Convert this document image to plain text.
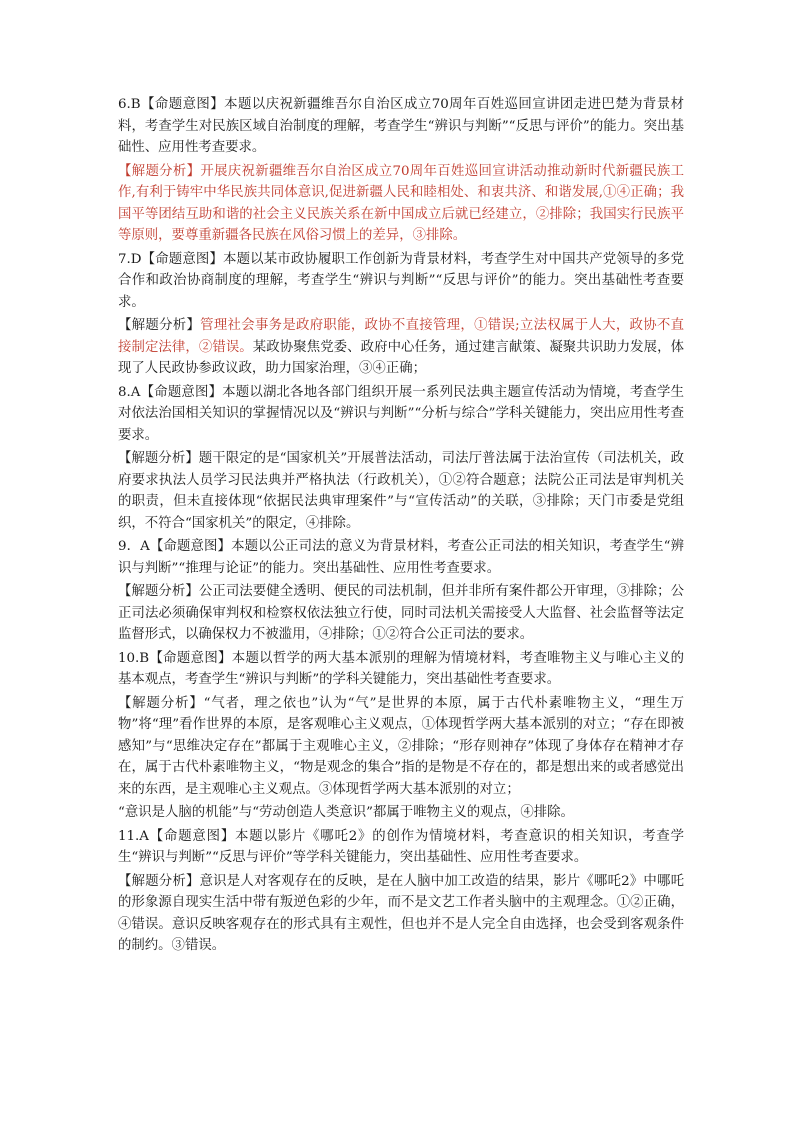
6.B【命题意图】本题以庆祝新疆维吾尔自治区成立70周年百姓巡回宣讲团走进巴楚为背景材料，考查学生对民族区域自治制度的理解，考查学生“辨识与判断”“反思与评价”的能力。突出基础性、应用性考查要求。

【解题分析】开展庆祝新疆维吾尔自治区成立70周年百姓巡回宣讲活动推动新时代新疆民族工作,有利于铸牢中华民族共同体意识,促进新疆人民和睦相处、和衷共济、和谐发展,①④正确；我国平等团结互助和谐的社会主义民族关系在新中国成立后就已经建立，②排除；我国实行民族平等原则，要尊重新疆各民族在风俗习惯上的差异，③排除。

7.D【命题意图】本题以某市政协履职工作创新为背景材料，考查学生对中国共产党领导的多党合作和政治协商制度的理解，考查学生“辨识与判断”“反思与评价”的能力。突出基础性考查要求。

【解题分析】管理社会事务是政府职能，政协不直接管理，①错误;立法权属于人大，政协不直接制定法律，②错误。某政协聚焦党委、政府中心任务，通过建言献策、凝聚共识助力发展，体现了人民政协参政议政，助力国家治理，③④正确；

8.A【命题意图】本题以湖北各地各部门组织开展一系列民法典主题宣传活动为情境，考查学生对依法治国相关知识的掌握情况以及“辨识与判断”“分析与综合”学科关键能力，突出应用性考查要求。

【解题分析】题干限定的是“国家机关”开展普法活动，司法厅普法属于法治宣传（司法机关，政府要求执法人员学习民法典并严格执法（行政机关），①②符合题意；法院公正司法是审判机关的职责，但未直接体现“依据民法典审理案件”与“宣传活动”的关联，③排除；天门市委是党组织，不符合“国家机关”的限定，④排除。

9．A【命题意图】本题以公正司法的意义为背景材料，考查公正司法的相关知识，考查学生“辨识与判断”“推理与论证”的能力。突出基础性、应用性考查要求。

【解题分析】公正司法要健全透明、便民的司法机制，但并非所有案件都公开审理，③排除；公正司法必须确保审判权和检察权依法独立行使，同时司法机关需接受人大监督、社会监督等法定监督形式，以确保权力不被滥用，④排除；①②符合公正司法的要求。

10.B【命题意图】本题以哲学的两大基本派别的理解为情境材料，考查唯物主义与唯心主义的基本观点，考查学生“辨识与判断”的学科关键能力，突出基础性考查要求。

【解题分析】“气者，理之依也”认为“气”是世界的本原，属于古代朴素唯物主义，“理生万物”将“理”看作世界的本原，是客观唯心主义观点，①体现哲学两大基本派别的对立；“存在即被感知”与“思维决定存在”都属于主观唯心主义，②排除；“形存则神存”体现了身体存在精神才存在，属于古代朴素唯物主义，“物是观念的集合”指的是物是不存在的，都是想出来的或者感觉出来的东西，是主观唯心主义观点。③体现哲学两大基本派别的对立；

“意识是人脑的机能”与“劳动创造人类意识”都属于唯物主义的观点，④排除。

11.A【命题意图】本题以影片《哪吒2》的创作为情境材料，考查意识的相关知识，考查学生“辨识与判断”“反思与评价”等学科关键能力，突出基础性、应用性考查要求。

【解题分析】意识是人对客观存在的反映，是在人脑中加工改造的结果，影片《哪吒2》中哪吒的形象源自现实生活中带有叛逆色彩的少年，而不是文艺工作者头脑中的主观理念。①②正确，④错误。意识反映客观存在的形式具有主观性，但也并不是人完全自由选择，也会受到客观条件的制约。③错误。
